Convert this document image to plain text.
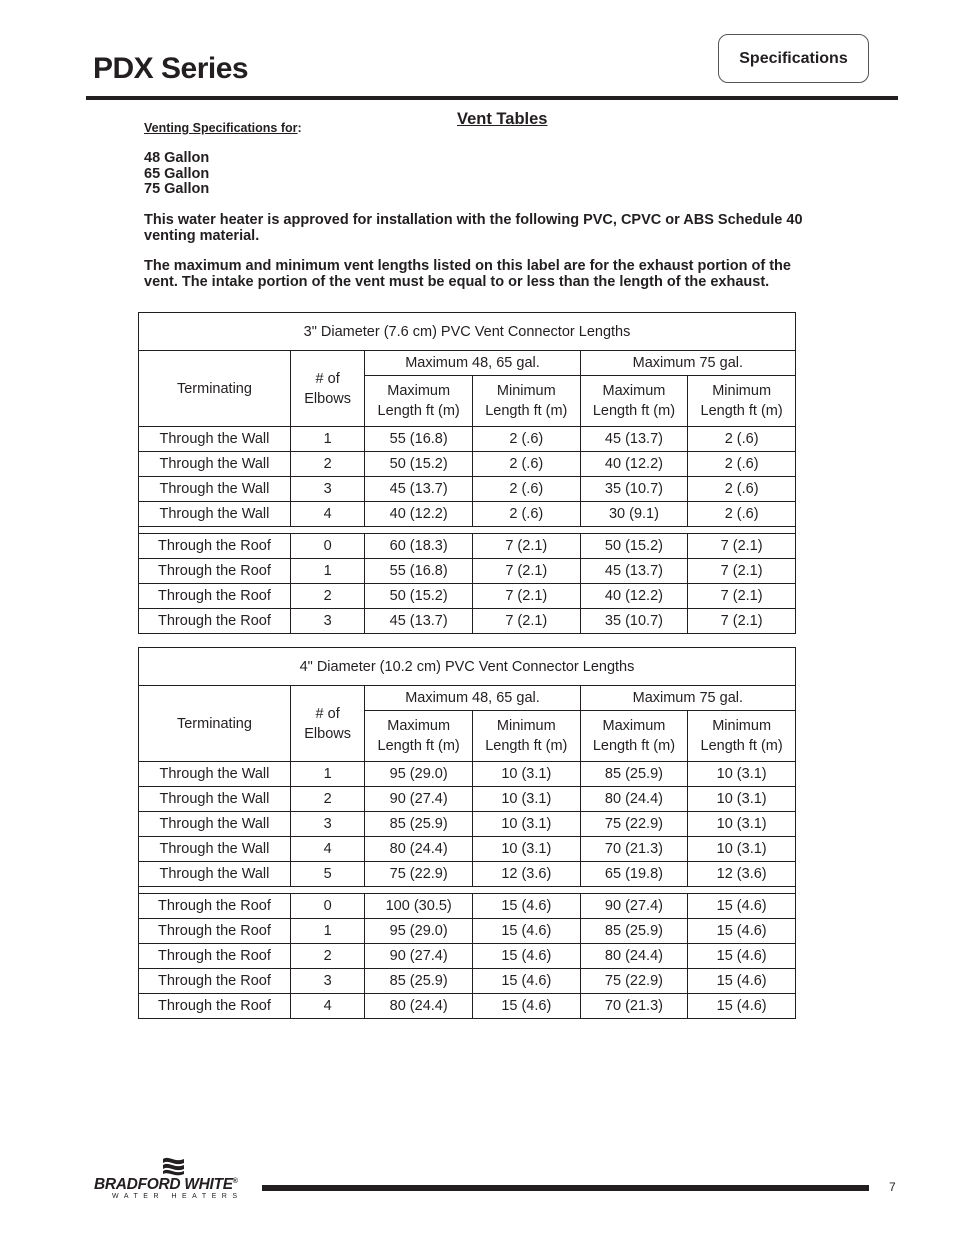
PDX Series	Specifications
Vent Tables
Venting Specifications for:
48 Gallon
65 Gallon
75 Gallon
This water heater is approved for installation with the following PVC, CPVC or ABS Schedule 40 venting material.
The maximum and minimum vent lengths listed on this label are for the exhaust portion of the vent. The intake portion of the vent must be equal to or less than the length of the exhaust.
3" Diameter (7.6 cm) PVC Vent Connector Lengths					
Terminating	# of Elbows	Maximum 48, 65 gal.		Maximum 75 gal.	
		Maximum Length ft (m)	Minimum Length ft (m)	Maximum Length ft (m)	Minimum Length ft (m)
Through the Wall	1	55 (16.8)	2 (.6)	45 (13.7)	2 (.6)
Through the Wall	2	50 (15.2)	2 (.6)	40 (12.2)	2 (.6)
Through the Wall	3	45 (13.7)	2 (.6)	35 (10.7)	2 (.6)
Through the Wall	4	40 (12.2)	2 (.6)	30 (9.1)	2 (.6)

Through the Roof	0	60 (18.3)	7 (2.1)	50 (15.2)	7 (2.1)
Through the Roof	1	55 (16.8)	7 (2.1)	45 (13.7)	7 (2.1)
Through the Roof	2	50 (15.2)	7 (2.1)	40 (12.2)	7 (2.1)
Through the Roof	3	45 (13.7)	7 (2.1)	35 (10.7)	7 (2.1)
4" Diameter (10.2 cm) PVC Vent Connector Lengths					
Terminating	# of Elbows	Maximum 48, 65 gal.		Maximum 75 gal.	
		Maximum Length ft (m)	Minimum Length ft (m)	Maximum Length ft (m)	Minimum Length ft (m)
Through the Wall	1	95 (29.0)	10 (3.1)	85 (25.9)	10 (3.1)
Through the Wall	2	90 (27.4)	10 (3.1)	80 (24.4)	10 (3.1)
Through the Wall	3	85 (25.9)	10 (3.1)	75 (22.9)	10 (3.1)
Through the Wall	4	80 (24.4)	10 (3.1)	70 (21.3)	10 (3.1)
Through the Wall	5	75 (22.9)	12 (3.6)	65 (19.8)	12 (3.6)

Through the Roof	0	100 (30.5)	15 (4.6)	90 (27.4)	15 (4.6)
Through the Roof	1	95 (29.0)	15 (4.6)	85 (25.9)	15 (4.6)
Through the Roof	2	90 (27.4)	15 (4.6)	80 (24.4)	15 (4.6)
Through the Roof	3	85 (25.9)	15 (4.6)	75 (22.9)	15 (4.6)
Through the Roof	4	80 (24.4)	15 (4.6)	70 (21.3)	15 (4.6)
BRADFORD WHITE®
WATER HEATERS
7
